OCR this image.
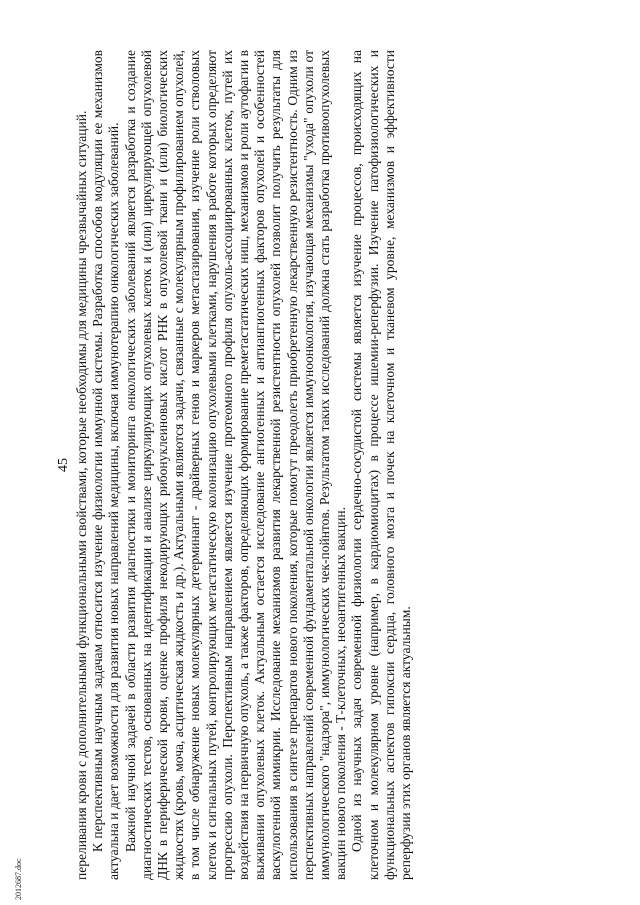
45 переливания крови с дополнительными функциональными свойствами, которые необходимы для медицины чрезвычайных ситуаций. К перспективным научным задачам относится изучение физиологии иммунной системы. Разработка способов модуляции ее механизмов актуальна и дает возможности для развития новых направлений медицины, включая иммунотерапию онкологических заболеваний. Важной научной задачей в области развития диагностики и мониторинга онкологических заболеваний является разработка и создание диагностических тестов, основанных на идентификации и анализе циркулирующих опухолевых клеток и (или) циркулирующей опухолевой ДНК в периферической крови, оценке профиля некодирующих рибонуклеиновых кислот РНК в опухолевой ткани и (или) биологических жидкостях (кровь, моча, асцитическая жидкость и др.). Актуальными являются задачи, связанные с молекулярным профилированием опухолей, в том числе обнаружение новых молекулярных детерминант - драйверных генов и маркеров метастазирования, изучение роли стволовых клеток и сигнальных путей, контролирующих метастатическую колонизацию опухолевыми клетками, нарушения в работе которых определяют прогрессию опухоли. Перспективным направлением является изучение протеомного профиля опухоль-ассоциированных клеток, путей их воздействия на первичную опухоль, а также факторов, определяющих формирование преметастатических ниш, механизмов и роли аутофагии в выживании опухолевых клеток. Актуальным остается исследование ангиогенных и антиангиогенных факторов опухолей и особенностей васкулогенной мимикрии. Исследование механизмов развития лекарственной резистентности опухолей позволит получить результаты для использования в синтезе препаратов нового поколения, которые помогут преодолеть приобретенную лекарственную резистентность. Одним из перспективных направлений современной фундаментальной онкологии является иммуноонкология, изучающая механизмы "ухода" опухоли от иммунологического "надзора", иммунологических чек-пойнтов. Результатом таких исследований должна стать разработка противоопухолевых вакцин нового поколения - Т-клеточных, неоантигенных вакцин. Одной из научных задач современной физиологии сердечно-сосудистой системы является изучение процессов, происходящих на клеточном и молекулярном уровне (например, в кардиомиоцитах) в процессе ишемии-реперфузии. Изучение патофизиологических и функциональных аспектов гипоксии сердца, головного мозга и почек на клеточном и тканевом уровне, механизмов и эффективности реперфузии этих органов является актуальным.

2012687.doc
